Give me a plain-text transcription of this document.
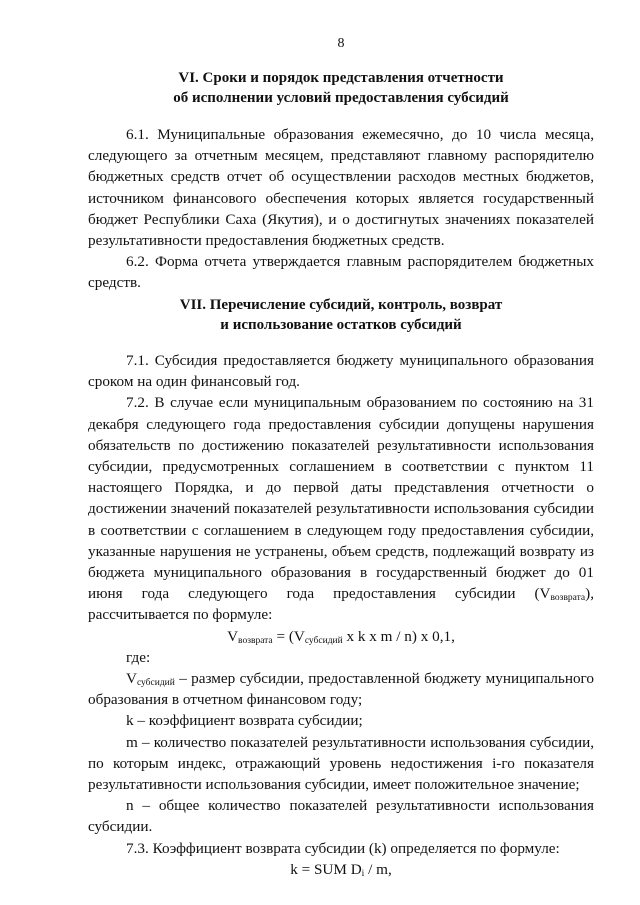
8
VI. Сроки и порядок представления отчетности
об исполнении условий предоставления субсидий

6.1. Муниципальные образования ежемесячно, до 10 числа месяца, следующего за отчетным месяцем, представляют главному распорядителю бюджетных средств отчет об осуществлении расходов местных бюджетов, источником финансового обеспечения которых является государственный бюджет Республики Саха (Якутия), и о достигнутых значениях показателей результативности предоставления бюджетных средств.

6.2. Форма отчета утверждается главным распорядителем бюджетных средств.

VII. Перечисление субсидий, контроль, возврат
и использование остатков субсидий

7.1. Субсидия предоставляется бюджету муниципального образования сроком на один финансовый год.

7.2. В случае если муниципальным образованием по состоянию на 31 декабря следующего года предоставления субсидии допущены нарушения обязательств по достижению показателей результативности использования субсидии, предусмотренных соглашением в соответствии с пунктом 11 настоящего Порядка, и до первой даты представления отчетности о достижении значений показателей результативности использования субсидии в соответствии с соглашением в следующем году предоставления субсидии, указанные нарушения не устранены, объем средств, подлежащий возврату из бюджета муниципального образования в государственный бюджет до 01 июня года следующего года предоставления субсидии $(V_{возврата})$, рассчитывается по формуле:

$V_{возврата} = (V_{субсидий}$ x k x m / n) x 0,1,

где:

$V_{субсидий}$ – размер субсидии, предоставленной бюджету муниципального образования в отчетном финансовом году;

k – коэффициент возврата субсидии;

m – количество показателей результативности использования субсидии, по которым индекс, отражающий уровень недостижения i-го показателя результативности использования субсидии, имеет положительное значение;

n – общее количество показателей результативности использования субсидии.

7.3. Коэффициент возврата субсидии (k) определяется по формуле:

k = SUM $D_i$ / m,
